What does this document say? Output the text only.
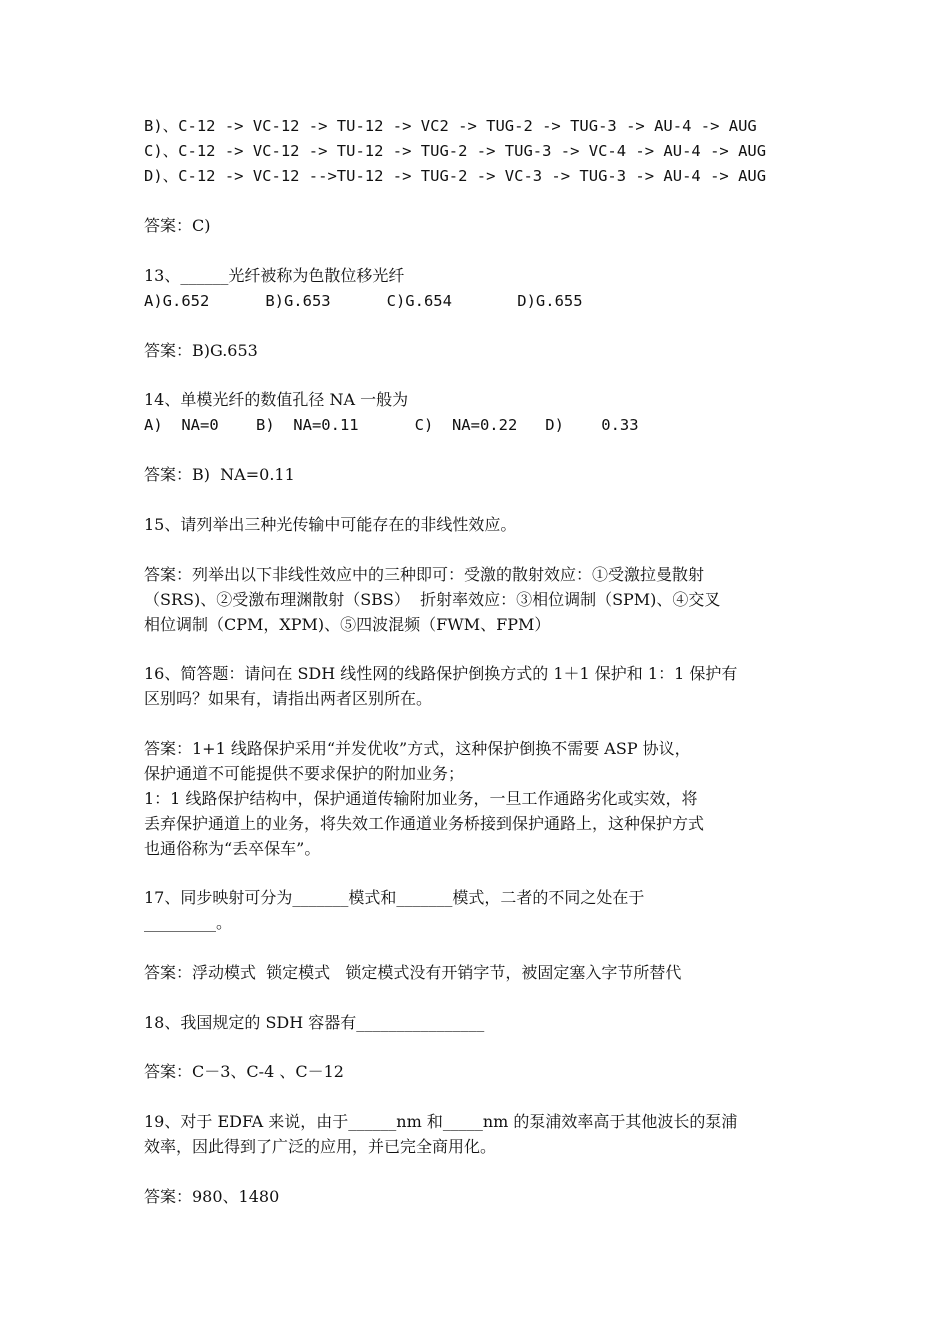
B)、C-12 -> VC-12 -> TU-12 -> VC2 -> TUG-2 -> TUG-3 -> AU-4 -> AUG
C)、C-12 -> VC-12 -> TU-12 -> TUG-2 -> TUG-3 -> VC-4 -> AU-4 -> AUG
D)、C-12 -> VC-12 -->TU-12 -> TUG-2 -> VC-3 -> TUG-3 -> AU-4 -> AUG
答案：C)
13、______光纤被称为色散位移光纤
A)G.652      B)G.653      C)G.654       D)G.655
答案：B)G.653
14、单模光纤的数值孔径 NA 一般为
A)  NA=0    B)  NA=0.11      C)  NA=0.22   D)    0.33
答案：B)  NA=0.11
15、请列举出三种光传输中可能存在的非线性效应。
答案：列举出以下非线性效应中的三种即可：受激的散射效应：①受激拉曼散射
（SRS)、②受激布理渊散射（SBS）  折射率效应：③相位调制（SPM)、④交叉
相位调制（CPM，XPM)、⑤四波混频（FWM、FPM）
16、简答题：请问在 SDH 线性网的线路保护倒换方式的 1＋1 保护和 1：1 保护有
区别吗？如果有，请指出两者区别所在。
答案：1+1 线路保护采用“并发优收”方式，这种保护倒换不需要 ASP 协议，
保护通道不可能提供不要求保护的附加业务；
1：1 线路保护结构中，保护通道传输附加业务，一旦工作通路劣化或实效，将
丢弃保护通道上的业务，将失效工作通道业务桥接到保护通路上，这种保护方式
也通俗称为“丢卒保车”。
17、同步映射可分为_______模式和_______模式，二者的不同之处在于
_________。
答案：浮动模式  锁定模式   锁定模式没有开销字节，被固定塞入字节所替代
18、我国规定的 SDH 容器有________________
答案：C－3、C-4 、C－12
19、对于 EDFA 来说，由于______nm 和_____nm 的泵浦效率高于其他波长的泵浦
效率，因此得到了广泛的应用，并已完全商用化。
答案：980、1480
